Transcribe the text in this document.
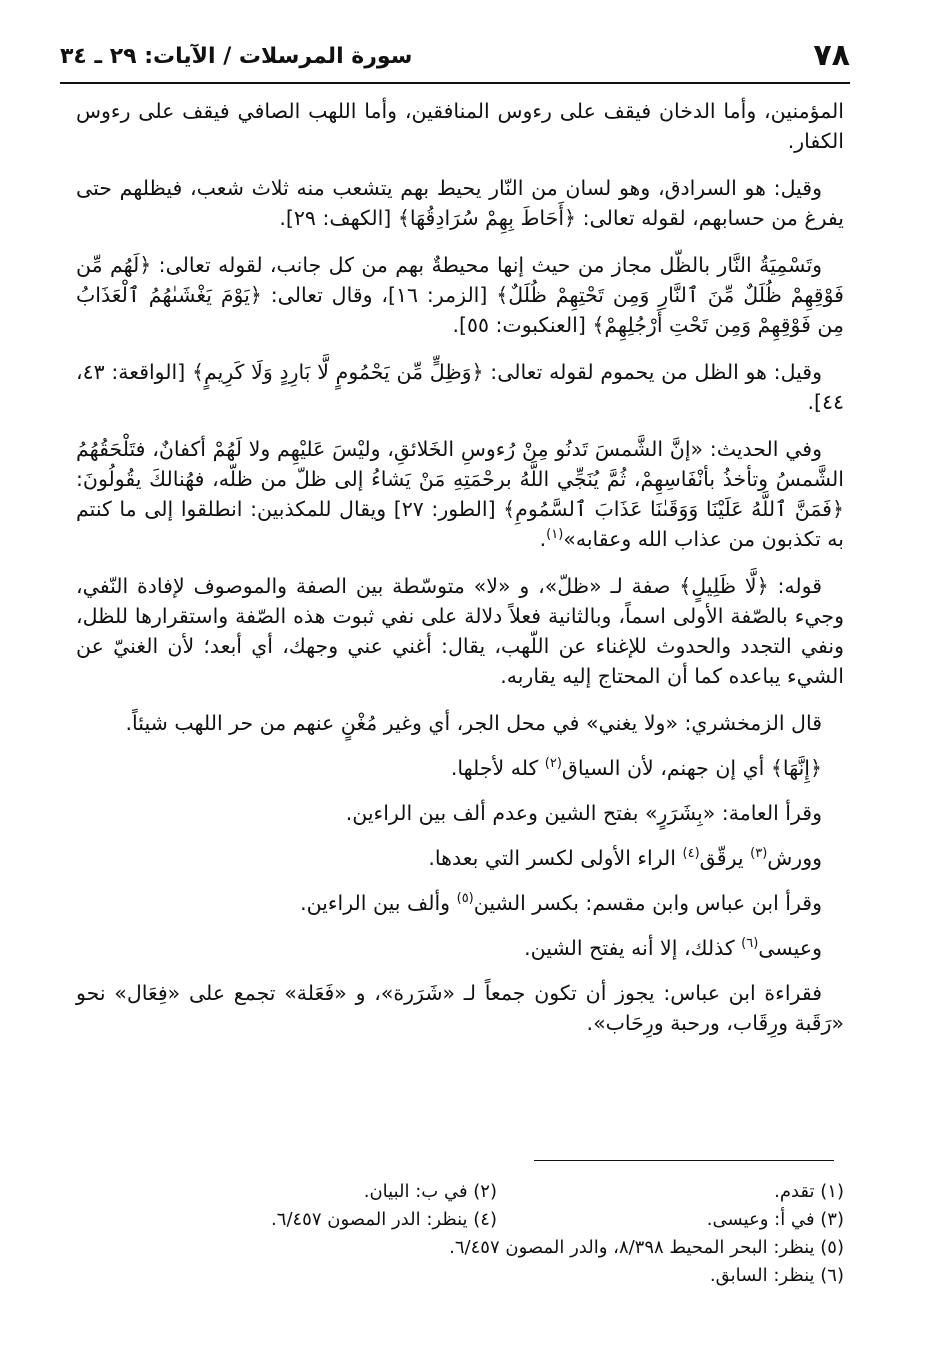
٧٨
سورة المرسلات / الآيات: ٢٩ ـ ٣٤

المؤمنين، وأما الدخان فيقف على رءوس المنافقين، وأما اللهب الصافي فيقف على رءوس الكفار.

وقيل: هو السرادق، وهو لسان من النّار يحيط بهم يتشعب منه ثلاث شعب، فيظلهم حتى يفرغ من حسابهم، لقوله تعالى: ﴿أَحَاطَ بِهِمْ سُرَادِقُهَا﴾ [الكهف: ٢٩].

وتَسْمِيَةُ النَّار بالظّل مجاز من حيث إنها محيطةٌ بهم من كل جانب، لقوله تعالى: ﴿لَهُم مِّن فَوْقِهِمْ ظُلَلٌ مِّنَ ٱلنَّارِ وَمِن تَحْتِهِمْ ظُلَلٌ﴾ [الزمر: ١٦]، وقال تعالى: ﴿يَوْمَ يَغْشَىٰهُمُ ٱلْعَذَابُ مِن فَوْقِهِمْ وَمِن تَحْتِ أَرْجُلِهِمْ﴾ [العنكبوت: ٥٥].

وقيل: هو الظل من يحموم لقوله تعالى: ﴿وَظِلٍّ مِّن يَحْمُومٍ لَّا بَارِدٍ وَلَا كَرِيمٍ﴾ [الواقعة: ٤٣، ٤٤].

وفي الحديث: «إنَّ الشَّمسَ تَدنُو مِنْ رُءوسِ الخَلائقِ، وليْسَ عَليْهِم ولا لَهُمْ أكفانٌ، فتَلْحَقُهُمُ الشَّمسُ وتأخذُ بأنْفَاسِهِمْ، ثُمَّ يُنَجِّي اللَّهُ برحْمَتِهِ مَنْ يَشاءُ إلى ظلّ من ظلّه، فهُنالكَ يقُولُونَ: ﴿فَمَنَّ ٱللَّهُ عَلَيْنَا وَوَقَىٰنَا عَذَابَ ٱلسَّمُومِ﴾ [الطور: ٢٧] ويقال للمكذبين: انطلقوا إلى ما كنتم به تكذبون من عذاب الله وعقابه»$^{(١)}$.

قوله: ﴿لَّا ظَلِيلٍ﴾ صفة لـ «ظلّ»، و «لا» متوسّطة بين الصفة والموصوف لإفادة النّفي، وجيء بالصّفة الأولى اسماً، وبالثانية فعلاً دلالة على نفي ثبوت هذه الصّفة واستقرارها للظل، ونفي التجدد والحدوث للإغناء عن اللّهب، يقال: أغني عني وجهك، أي أبعد؛ لأن الغنيّ عن الشيء يباعده كما أن المحتاج إليه يقاربه.

قال الزمخشري: «ولا يغني» في محل الجر، أي وغير مُغْنٍ عنهم من حر اللهب شيئاً.

﴿إِنَّهَا﴾ أي إن جهنم، لأن السياق$^{(٢)}$ كله لأجلها.

وقرأ العامة: «بِشَرَرٍ» بفتح الشين وعدم ألف بين الراءين.

وورش$^{(٣)}$ يرقّق$^{(٤)}$ الراء الأولى لكسر التي بعدها.

وقرأ ابن عباس وابن مقسم: بكسر الشين$^{(٥)}$ وألف بين الراءين.

وعيسى$^{(٦)}$ كذلك، إلا أنه يفتح الشين.

فقراءة ابن عباس: يجوز أن تكون جمعاً لـ «شَرَرة»، و «فَعَلة» تجمع على «فِعَال» نحو «رَقَبة ورِقَاب، ورحبة ورِحَاب».

(١) تقدم.
(٢) في ب: البيان.
(٣) في أ: وعيسى.
(٤) ينظر: الدر المصون ٦/٤٥٧.
(٥) ينظر: البحر المحيط ٨/٣٩٨، والدر المصون ٦/٤٥٧.
(٦) ينظر: السابق.
